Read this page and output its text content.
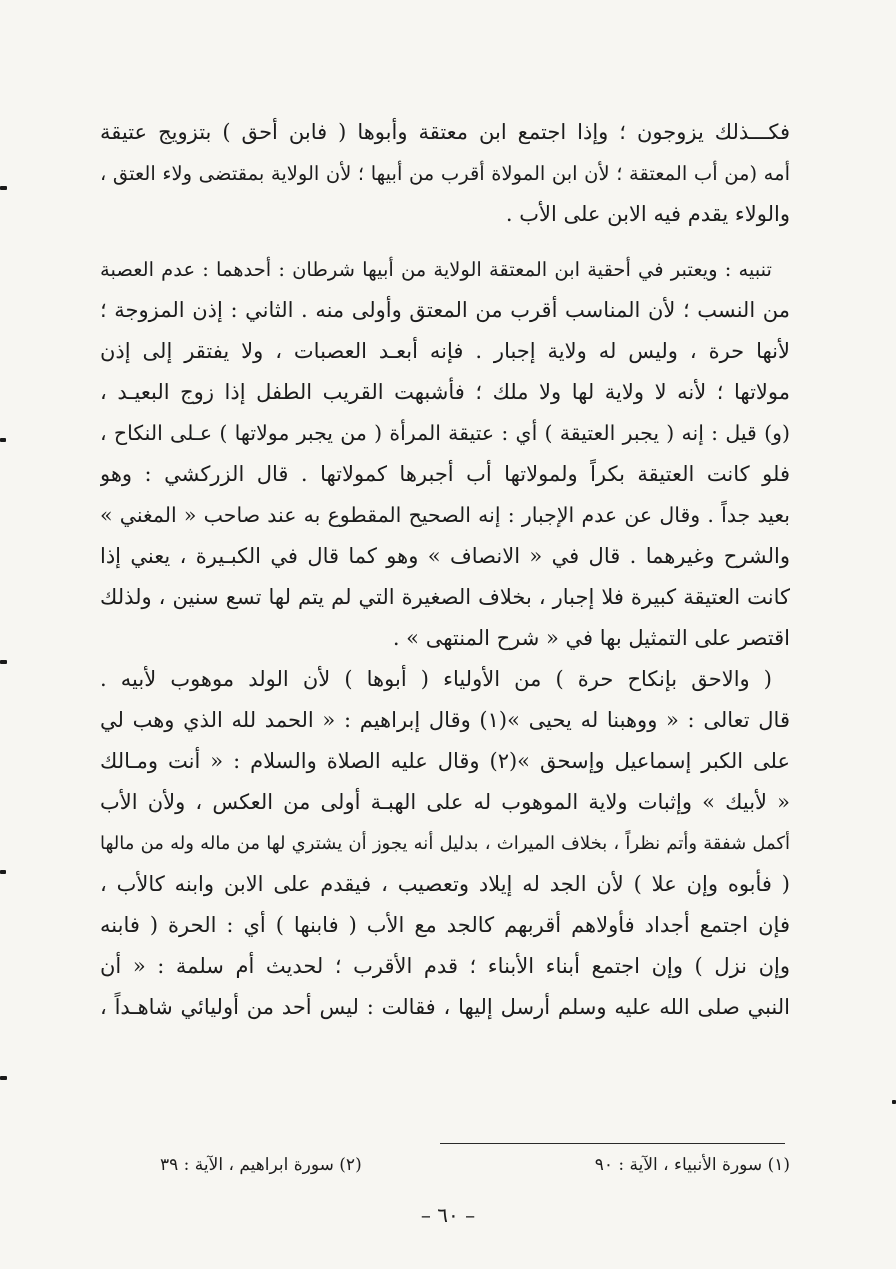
فكـــذلك يزوجون ؛ وإذا اجتمع ابن معتقة وأبوها ( فابن أحق ) بتزويج عتيقة
أمه (من أب المعتقة ؛ لأن ابن المولاة أقرب من أبيها ؛ لأن الولاية بمقتضى ولاء العتق ،
والولاء يقدم فيه الابن على الأب .
تنبيه : ويعتبر في أحقية ابن المعتقة الولاية من أبيها شرطان : أحدهما : عدم العصبة
من النسب ؛ لأن المناسب أقرب من المعتق وأولى منه . الثاني : إذن المزوجة ؛
لأنها حرة ، وليس له ولاية إجبار . فإنه أبعـد العصبات ، ولا يفتقر إلى إذن
مولاتها ؛ لأنه لا ولاية لها ولا ملك ؛ فأشبهت القريب الطفل إذا زوج البعيـد ،
(و) قيل : إنه ( يجبر العتيقة ) أي : عتيقة المرأة ( من يجبر مولاتها ) عـلى النكاح ،
فلو كانت العتيقة بكراً ولمولاتها أب أجبرها كمولاتها . قال الزركشي : وهو
بعيد جداً . وقال عن عدم الإجبار : إنه الصحيح المقطوع به عند صاحب « المغني »
والشرح وغيرهما . قال في « الانصاف » وهو كما قال في الكبـيرة ، يعني إذا
كانت العتيقة كبيرة فلا إجبار ، بخلاف الصغيرة التي لم يتم لها تسع سنين ، ولذلك
اقتصر على التمثيل بها في « شرح المنتهى » .
( والاحق بإنكاح حرة ) من الأولياء ( أبوها ) لأن الولد موهوب لأبيه .
قال تعالى : « ووهبنا له يحيى »(١) وقال إبراهيم : « الحمد لله الذي وهب لي
على الكبر إسماعيل وإسحق »(٢) وقال عليه الصلاة والسلام : « أنت ومـالك
« لأبيك » وإثبات ولاية الموهوب له على الهبـة أولى من العكس ، ولأن الأب
أكمل شفقة وأتم نظراً ، بخلاف الميراث ، بدليل أنه يجوز أن يشتري لها من ماله وله من مالها
( فأبوه وإن علا ) لأن الجد له إيلاد وتعصيب ، فيقدم على الابن وابنه كالأب ،
فإن اجتمع أجداد فأولاهم أقربهم كالجد مع الأب ( فابنها ) أي : الحرة ( فابنه
وإن نزل ) وإن اجتمع أبناء الأبناء ؛ قدم الأقرب ؛ لحديث أم سلمة : « أن
النبي صلى الله عليه وسلم أرسل إليها ، فقالت : ليس أحد من أوليائي شاهـداً ،
(١) سورة الأنبياء ، الآية : ٩٠
(٢) سورة ابراهيم ، الآية : ٣٩
– ٦٠ –
